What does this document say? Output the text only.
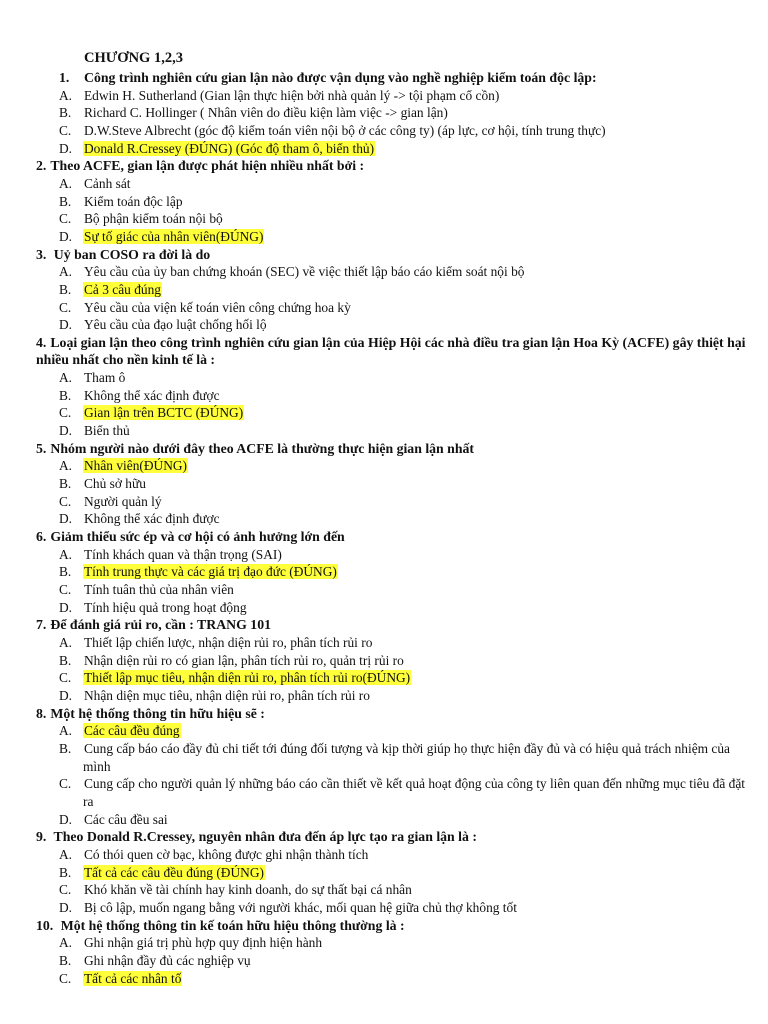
CHƯƠNG 1,2,3
1. Công trình nghiên cứu gian lận nào được vận dụng vào nghề nghiệp kiểm toán độc lập:
A. Edwin H. Sutherland (Gian lận thực hiện bởi nhà quản lý -> tội phạm cổ cồn)
B. Richard C. Hollinger ( Nhân viên do điều kiện làm việc -> gian lận)
C. D.W.Steve Albrecht (góc độ kiểm toán viên nội bộ ở các công ty) (áp lực, cơ hội, tính trung thực)
D. Donald R.Cressey (ĐÚNG) (Góc độ tham ô, biển thủ)
2. Theo ACFE, gian lận được phát hiện nhiều nhất bởi :
A. Cảnh sát
B. Kiểm toán độc lập
C. Bộ phận kiểm toán nội bộ
D. Sự tố giác của nhân viên(ĐÚNG)
3. Uỷ ban COSO ra đời là do
A. Yêu cầu của ủy ban chứng khoán (SEC) về việc thiết lập báo cáo kiểm soát nội bộ
B. Cả 3 câu đúng
C. Yêu cầu của viện kế toán viên công chứng hoa kỳ
D. Yêu cầu của đạo luật chống hối lộ
4. Loại gian lận theo công trình nghiên cứu gian lận của Hiệp Hội các nhà điều tra gian lận Hoa Kỳ (ACFE) gây thiệt hại nhiều nhất cho nền kinh tế là :
A. Tham ô
B. Không thể xác định được
C. Gian lận trên BCTC (ĐÚNG)
D. Biển thủ
5. Nhóm người nào dưới đây theo ACFE là thường thực hiện gian lận nhất
A. Nhân viên(ĐÚNG)
B. Chủ sở hữu
C. Người quản lý
D. Không thể xác định được
6. Giảm thiểu sức ép và cơ hội có ảnh hưởng lớn đến
A. Tính khách quan và thận trọng (SAI)
B. Tính trung thực và các giá trị đạo đức (ĐÚNG)
C. Tính tuân thủ của nhân viên
D. Tính hiệu quả trong hoạt động
7. Để đánh giá rủi ro, cần : TRANG 101
A. Thiết lập chiến lược, nhận diện rủi ro, phân tích rủi ro
B. Nhận diện rủi ro có gian lận, phân tích rủi ro, quản trị rủi ro
C. Thiết lập mục tiêu, nhận diện rủi ro, phân tích rủi ro(ĐÚNG)
D. Nhận diện mục tiêu, nhận diện rủi ro, phân tích rủi ro
8. Một hệ thống thông tin hữu hiệu sẽ :
A. Các câu đều đúng
B. Cung cấp báo cáo đầy đủ chi tiết tới đúng đối tượng và kịp thời giúp họ thực hiện đầy đủ và có hiệu quả trách nhiệm của mình
C. Cung cấp cho người quản lý những báo cáo cần thiết về kết quả hoạt động của công ty liên quan đến những mục tiêu đã đặt ra
D. Các câu đều sai
9. Theo Donald R.Cressey, nguyên nhân đưa đến áp lực tạo ra gian lận là :
A. Có thói quen cờ bạc, không được ghi nhận thành tích
B. Tất cả các câu đều đúng (ĐÚNG)
C. Khó khăn về tài chính hay kinh doanh, do sự thất bại cá nhân
D. Bị cô lập, muốn ngang bằng với người khác, mối quan hệ giữa chủ thợ không tốt
10. Một hệ thống thông tin kế toán hữu hiệu thông thường là :
A. Ghi nhận giá trị phù hợp quy định hiện hành
B. Ghi nhận đầy đủ các nghiệp vụ
C. Tất cả các nhân tố
